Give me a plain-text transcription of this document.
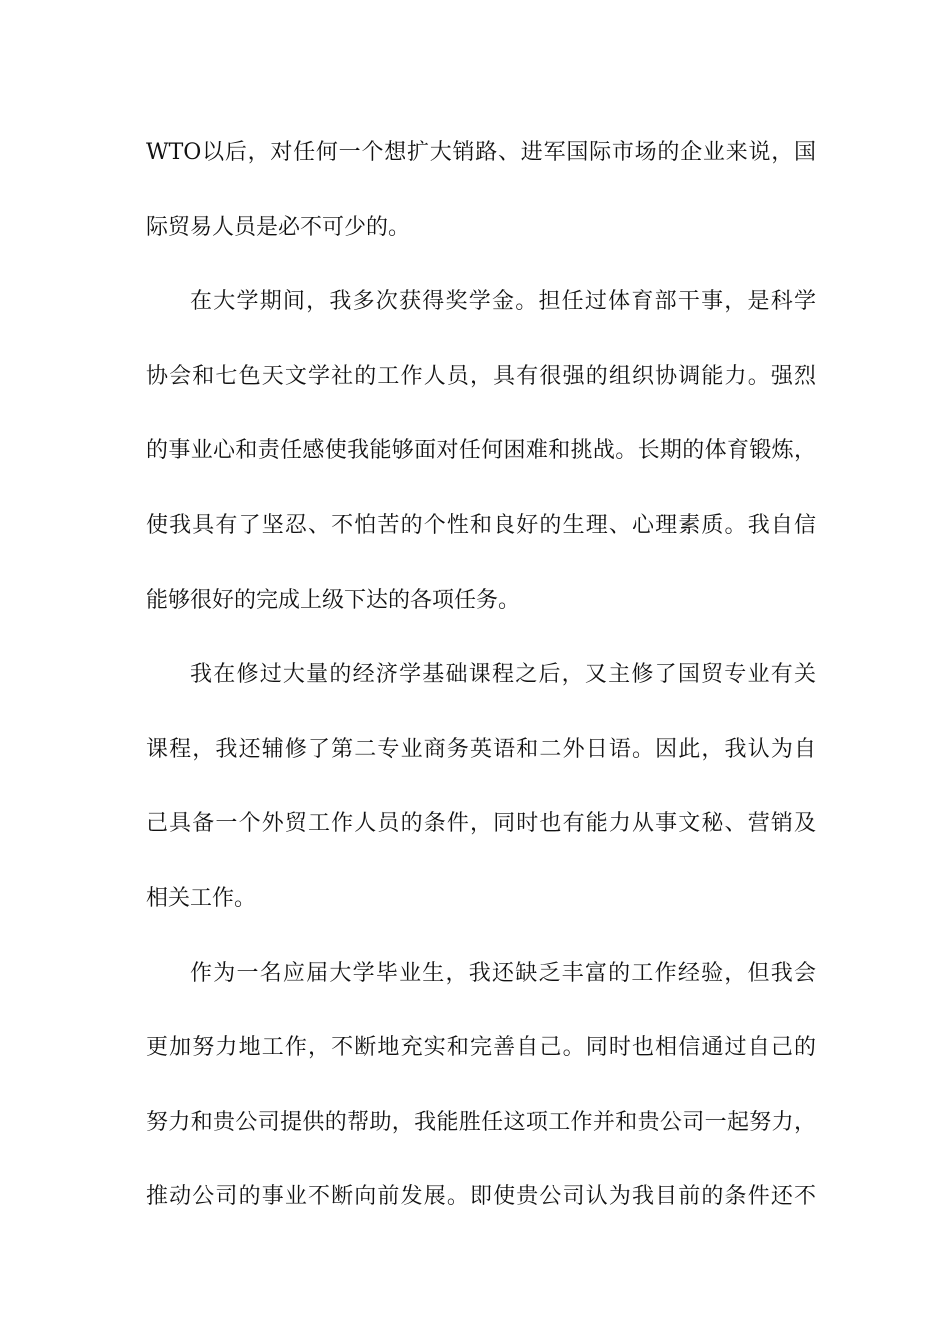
WTO以后，对任何一个想扩大销路、进军国际市场的企业来说，国
际贸易人员是必不可少的。
在大学期间，我多次获得奖学金。担任过体育部干事，是科学
协会和七色天文学社的工作人员，具有很强的组织协调能力。强烈
的事业心和责任感使我能够面对任何困难和挑战。长期的体育锻炼，
使我具有了坚忍、不怕苦的个性和良好的生理、心理素质。我自信
能够很好的完成上级下达的各项任务。
我在修过大量的经济学基础课程之后，又主修了国贸专业有关
课程，我还辅修了第二专业商务英语和二外日语。因此，我认为自
己具备一个外贸工作人员的条件，同时也有能力从事文秘、营销及
相关工作。
作为一名应届大学毕业生，我还缺乏丰富的工作经验，但我会
更加努力地工作，不断地充实和完善自己。同时也相信通过自己的
努力和贵公司提供的帮助，我能胜任这项工作并和贵公司一起努力，
推动公司的事业不断向前发展。即使贵公司认为我目前的条件还不
